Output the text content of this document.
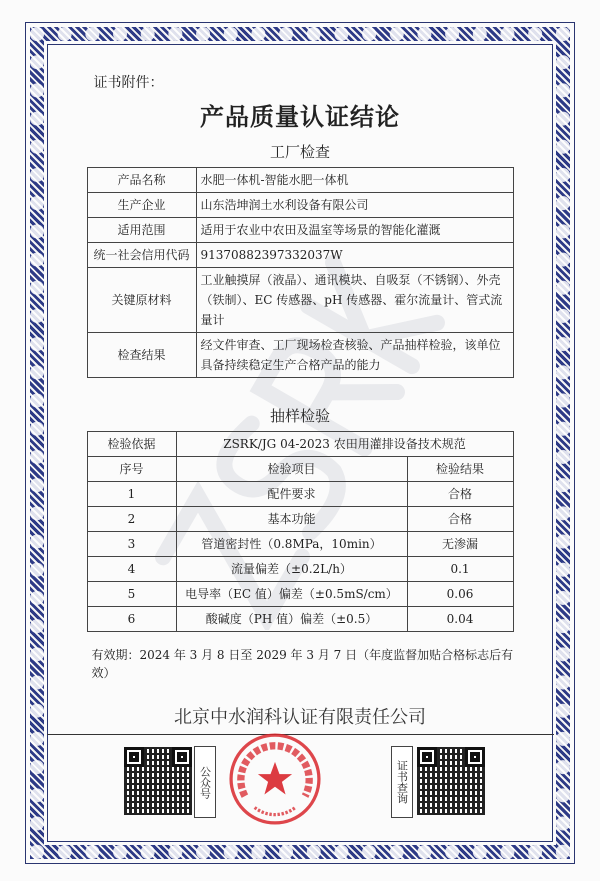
证书附件：
产品质量认证结论
工厂检查
产品名称	水肥一体机-智能水肥一体机
生产企业	山东浩坤润土水利设备有限公司
适用范围	适用于农业中农田及温室等场景的智能化灌溉
统一社会信用代码	91370882397332037W
关键原材料	工业触摸屏（液晶）、通讯模块、自吸泵（不锈钢）、外壳（铁制）、EC 传感器、pH 传感器、霍尔流量计、管式流量计
检查结果	经文件审查、工厂现场检查核验、产品抽样检验，该单位具备持续稳定生产合格产品的能力
抽样检验
检验依据	ZSRK/JG 04-2023 农田用灌排设备技术规范	
序号	检验项目	检验结果
1	配件要求	合格
2	基本功能	合格
3	管道密封性（0.8MPa，10min）	无渗漏
4	流量偏差（±0.2L/h）	0.1
5	电导率（EC 值）偏差（±0.5mS/cm）	0.06
6	酸碱度（PH 值）偏差（±0.5）	0.04
有效期：2024 年 3 月 8 日至 2029 年 3 月 7 日（年度监督加贴合格标志后有效）
北京中水润科认证有限责任公司
公众号	证书查询
